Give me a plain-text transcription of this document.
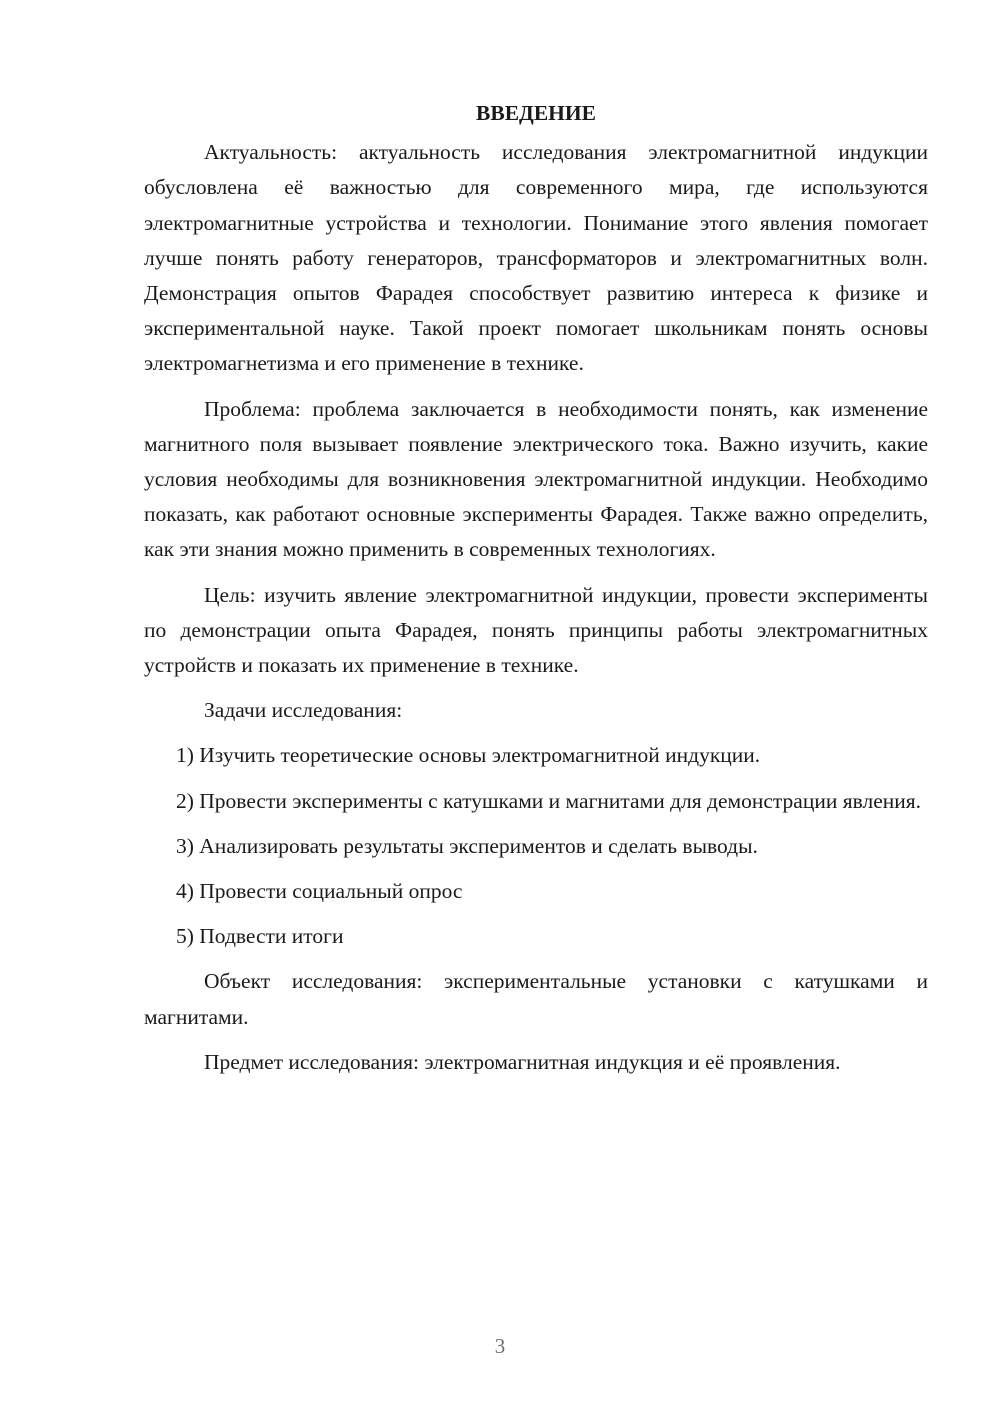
ВВЕДЕНИЕ

Актуальность: актуальность исследования электромагнитной индукции обусловлена её важностью для современного мира, где используются электромагнитные устройства и технологии. Понимание этого явления помогает лучше понять работу генераторов, трансформаторов и электромагнитных волн. Демонстрация опытов Фарадея способствует развитию интереса к физике и экспериментальной науке. Такой проект помогает школьникам понять основы электромагнетизма и его применение в технике.

Проблема: проблема заключается в необходимости понять, как изменение магнитного поля вызывает появление электрического тока. Важно изучить, какие условия необходимы для возникновения электромагнитной индукции. Необходимо показать, как работают основные эксперименты Фарадея. Также важно определить, как эти знания можно применить в современных технологиях.

Цель: изучить явление электромагнитной индукции, провести эксперименты по демонстрации опыта Фарадея, понять принципы работы электромагнитных устройств и показать их применение в технике.

Задачи исследования:

1) Изучить теоретические основы электромагнитной индукции.

2) Провести эксперименты с катушками и магнитами для демонстрации явления.

3) Анализировать результаты экспериментов и сделать выводы.

4) Провести социальный опрос

5) Подвести итоги

Объект исследования: экспериментальные установки с катушками и магнитами.

Предмет исследования: электромагнитная индукция и её проявления.

3
